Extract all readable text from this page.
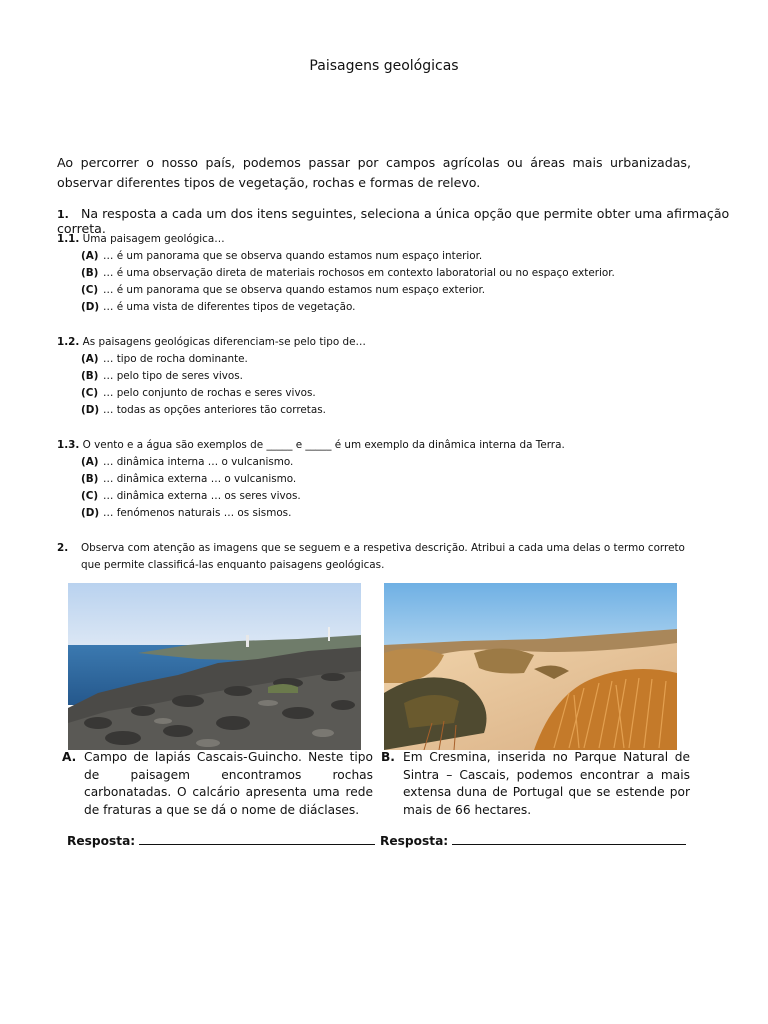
Paisagens geológicas
Ao percorrer o nosso país, podemos passar por campos agrícolas ou áreas mais urbanizadas, observar diferentes tipos de vegetação, rochas e formas de relevo.
1. Na resposta a cada um dos itens seguintes, seleciona a única opção que permite obter uma afirmação correta.
1.1. Uma paisagem geológica…
(A) … é um panorama que se observa quando estamos num espaço interior.
(B) … é uma observação direta de materiais rochosos em contexto laboratorial ou no espaço exterior.
(C) … é um panorama que se observa quando estamos num espaço exterior.
(D) … é uma vista de diferentes tipos de vegetação.
1.2. As paisagens geológicas diferenciam-se pelo tipo de…
(A) … tipo de rocha dominante.
(B) … pelo tipo de seres vivos.
(C) … pelo conjunto de rochas e seres vivos.
(D) … todas as opções anteriores tão corretas.
1.3. O vento e a água são exemplos de _____ e _____ é um exemplo da dinâmica interna da Terra.
(A) … dinâmica interna … o vulcanismo.
(B) … dinâmica externa … o vulcanismo.
(C) … dinâmica externa … os seres vivos.
(D) … fenómenos naturais … os sismos.
2. Observa com atenção as imagens que se seguem e a respetiva descrição. Atribui a cada uma delas o termo correto que permite classificá-las enquanto paisagens geológicas.
A. Campo de lapiás Cascais-Guincho. Neste tipo de paisagem encontramos rochas carbonatadas. O calcário apresenta uma rede de fraturas a que se dá o nome de diáclases.
B. Em Cresmina, inserida no Parque Natural de Sintra – Cascais, podemos encontrar a mais extensa duna de Portugal que se estende por mais de 66 hectares.
Resposta:	Resposta:
